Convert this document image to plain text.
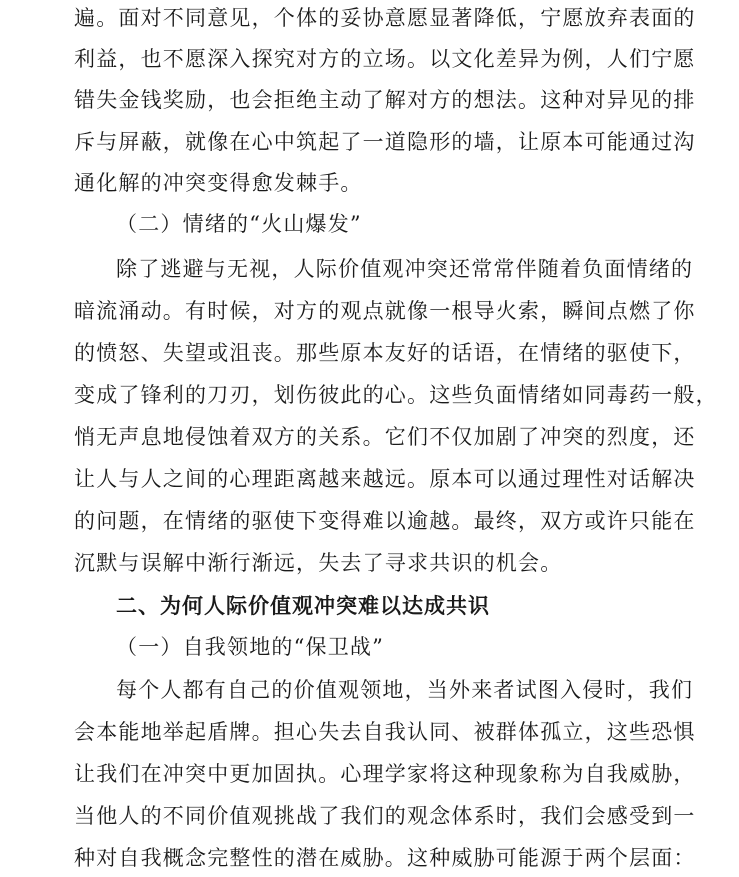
遍。面对不同意见，个体的妥协意愿显著降低，宁愿放弃表面的
利益，也不愿深入探究对方的立场。以文化差异为例，人们宁愿
错失金钱奖励，也会拒绝主动了解对方的想法。这种对异见的排
斥与屏蔽，就像在心中筑起了一道隐形的墙，让原本可能通过沟
通化解的冲突变得愈发棘手。
（二）情绪的“火山爆发”
除了逃避与无视，人际价值观冲突还常常伴随着负面情绪的
暗流涌动。有时候，对方的观点就像一根导火索，瞬间点燃了你
的愤怒、失望或沮丧。那些原本友好的话语，在情绪的驱使下，
变成了锋利的刀刃，划伤彼此的心。这些负面情绪如同毒药一般，
悄无声息地侵蚀着双方的关系。它们不仅加剧了冲突的烈度，还
让人与人之间的心理距离越来越远。原本可以通过理性对话解决
的问题，在情绪的驱使下变得难以逾越。最终，双方或许只能在
沉默与误解中渐行渐远，失去了寻求共识的机会。
二、为何人际价值观冲突难以达成共识
（一）自我领地的“保卫战”
每个人都有自己的价值观领地，当外来者试图入侵时，我们
会本能地举起盾牌。担心失去自我认同、被群体孤立，这些恐惧
让我们在冲突中更加固执。心理学家将这种现象称为自我威胁，
当他人的不同价值观挑战了我们的观念体系时，我们会感受到一
种对自我概念完整性的潜在威胁。这种威胁可能源于两个层面：
